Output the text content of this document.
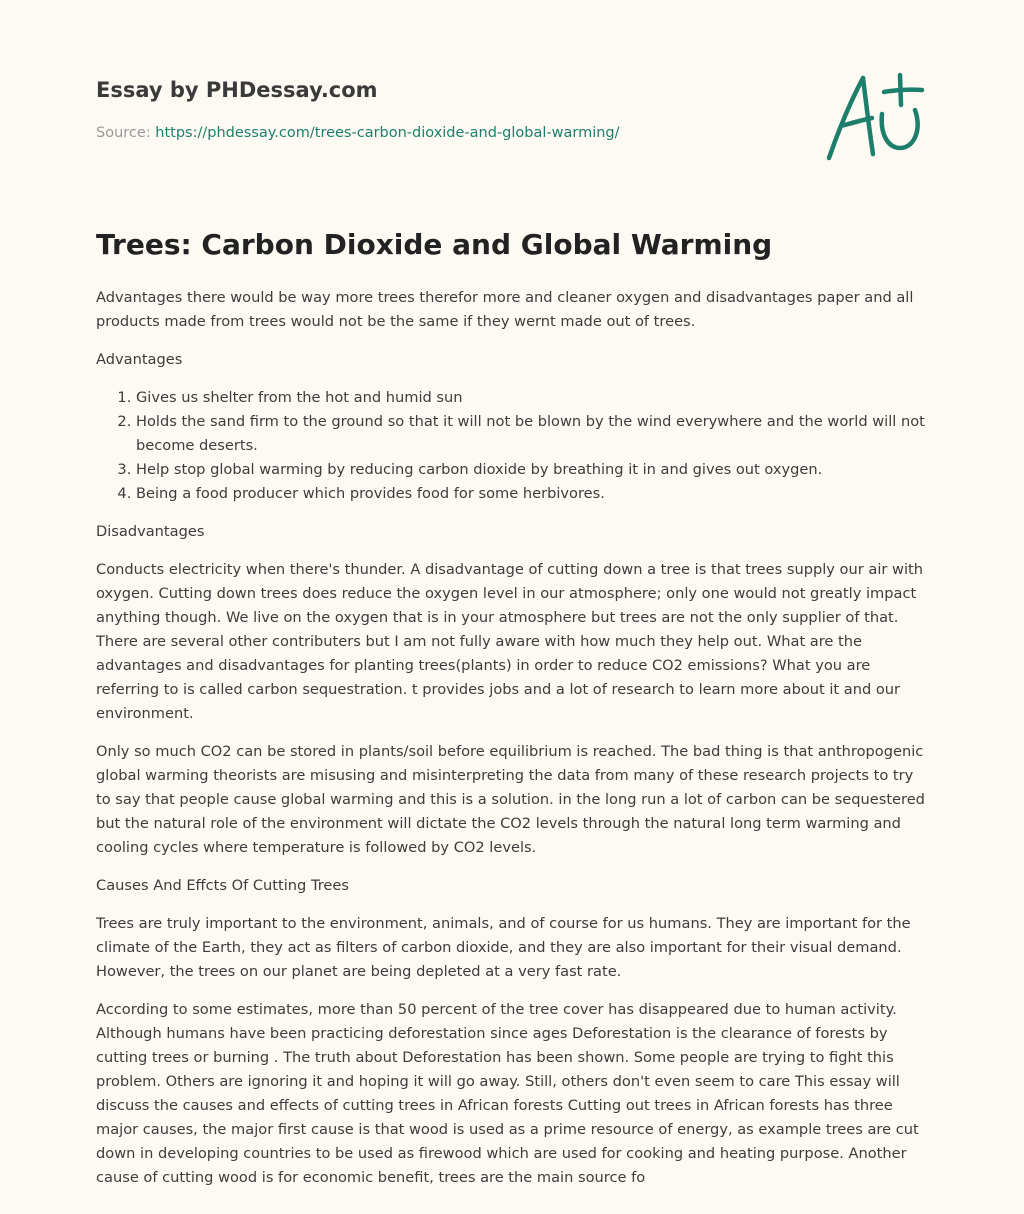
Essay by PHDessay.com
Source: https://phdessay.com/trees-carbon-dioxide-and-global-warming/
Trees: Carbon Dioxide and Global Warming

Advantages there would be way more trees therefor more and cleaner oxygen and disadvantages paper and all products made from trees would not be the same if they wernt made out of trees.

Advantages

1. Gives us shelter from the hot and humid sun
2. Holds the sand firm to the ground so that it will not be blown by the wind everywhere and the world will not become deserts.
3. Help stop global warming by reducing carbon dioxide by breathing it in and gives out oxygen.
4. Being a food producer which provides food for some herbivores.

Disadvantages

Conducts electricity when there's thunder. A disadvantage of cutting down a tree is that trees supply our air with oxygen. Cutting down trees does reduce the oxygen level in our atmosphere; only one would not greatly impact anything though. We live on the oxygen that is in your atmosphere but trees are not the only supplier of that. There are several other contributers but I am not fully aware with how much they help out. What are the advantages and disadvantages for planting trees(plants) in order to reduce CO2 emissions? What you are referring to is called carbon sequestration. t provides jobs and a lot of research to learn more about it and our environment.

Only so much CO2 can be stored in plants/soil before equilibrium is reached. The bad thing is that anthropogenic global warming theorists are misusing and misinterpreting the data from many of these research projects to try to say that people cause global warming and this is a solution. in the long run a lot of carbon can be sequestered but the natural role of the environment will dictate the CO2 levels through the natural long term warming and cooling cycles where temperature is followed by CO2 levels.

Causes And Effcts Of Cutting Trees

Trees are truly important to the environment, animals, and of course for us humans. They are important for the climate of the Earth, they act as filters of carbon dioxide, and they are also important for their visual demand. However, the trees on our planet are being depleted at a very fast rate.

According to some estimates, more than 50 percent of the tree cover has disappeared due to human activity. Although humans have been practicing deforestation since ages Deforestation is the clearance of forests by cutting trees or burning . The truth about Deforestation has been shown. Some people are trying to fight this problem. Others are ignoring it and hoping it will go away. Still, others don't even seem to care This essay will discuss the causes and effects of cutting trees in African forests Cutting out trees in African forests has three major causes, the major first cause is that wood is used as a prime resource of energy, as example trees are cut down in developing countries to be used as firewood which are used for cooking and heating purpose. Another cause of cutting wood is for economic benefit, trees are the main source fo
